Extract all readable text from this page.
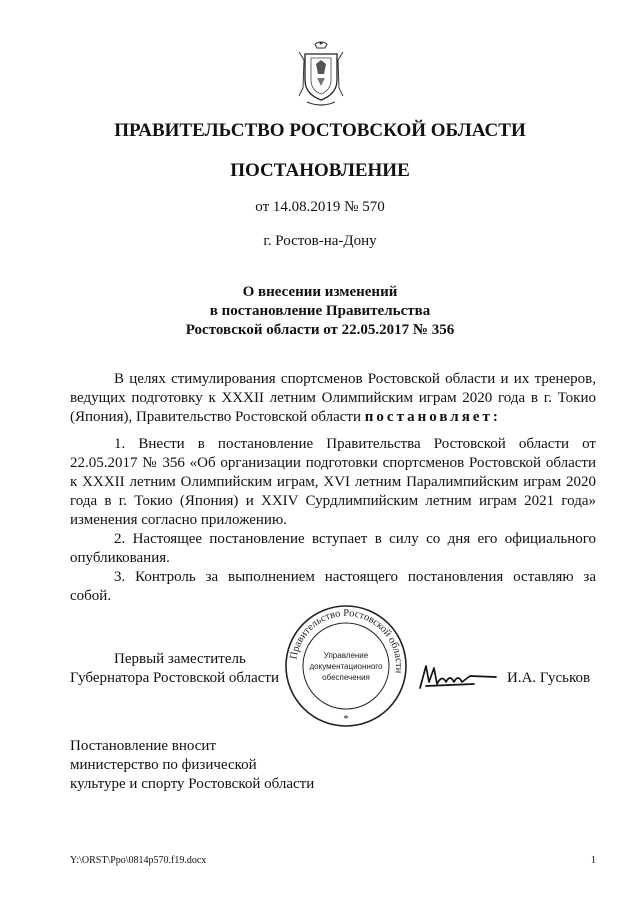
ПРАВИТЕЛЬСТВО РОСТОВСКОЙ ОБЛАСТИ
ПОСТАНОВЛЕНИЕ
от 14.08.2019 № 570
г. Ростов-на-Дону
О внесении изменений
в постановление Правительства
Ростовской области от 22.05.2017 № 356

В целях стимулирования спортсменов Ростовской области и их тренеров, ведущих подготовку к XXXII летним Олимпийским играм 2020 года в г. Токио (Япония), Правительство Ростовской области постановляет:

1. Внести в постановление Правительства Ростовской области от 22.05.2017 № 356 «Об организации подготовки спортсменов Ростовской области к XXXII летним Олимпийским играм, XVI летним Паралимпийским играм 2020 года в г. Токио (Япония) и XXIV Сурдлимпийским летним играм 2021 года» изменения согласно приложению.

2. Настоящее постановление вступает в силу со дня его официального опубликования.

3. Контроль за выполнением настоящего постановления оставляю за собой.

Первый заместитель
Губернатора Ростовской области
Правительство Ростовской области
Управление
документационного
обеспечения
*
И.А. Гуськов
Постановление вносит
министерство по физической
культуре и спорту Ростовской области
Y:\ORST\Ppo\0814p570.f19.docx	1
